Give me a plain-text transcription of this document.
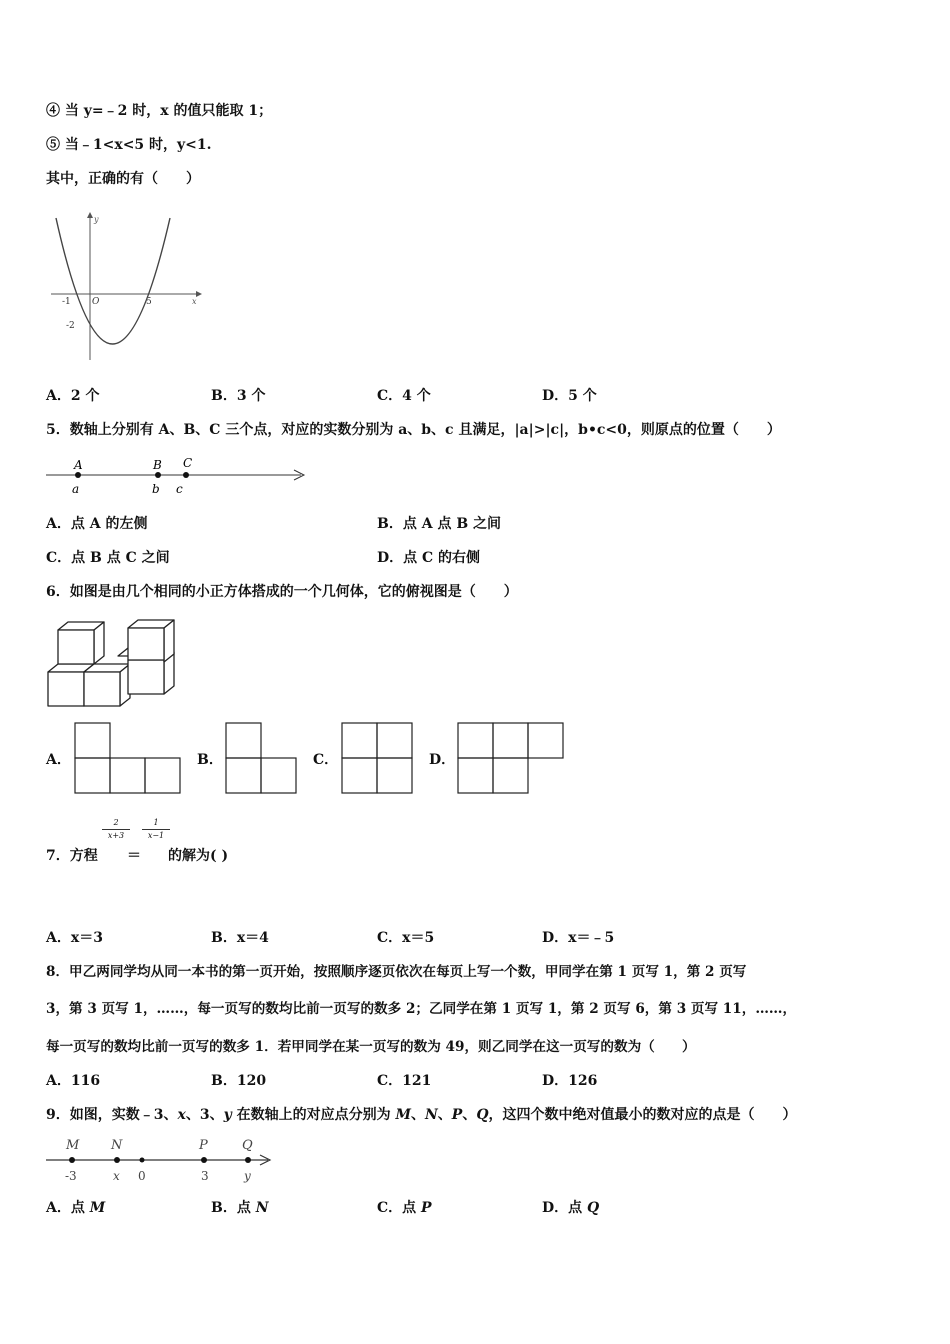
④ 当 y=﹣2 时，x 的值只能取 1；
⑤ 当﹣1<x<5 时，y<1.
其中，正确的有（　　）
y
x
O
-1	5
-2
A．2 个	B．3 个	C．4 个	D．5 个
5．数轴上分别有 A、B、C 三个点，对应的实数分别为 a、b、c 且满足，|a|>|c|，b•c<0，则原点的位置（　　）
A	B C
a	b c
A．点 A 的左侧	B．点 A 点 B 之间
C．点 B 点 C 之间	D．点 C 的右侧
6．如图是由几个相同的小正方体搭成的一个几何体，它的俯视图是（　　）
A．	B．	C．	D．
2
x+3
1
x−1
7．方程 ＝ 的解为( )
A．x＝3	B．x＝4	C．x＝5	D．x＝﹣5
8．甲乙两同学均从同一本书的第一页开始，按照顺序逐页依次在每页上写一个数，甲同学在第 1 页写 1，第 2 页写
3，第 3 页写 1，……，每一页写的数均比前一页写的数多 2；乙同学在第 1 页写 1，第 2 页写 6，第 3 页写 11，……，
每一页写的数均比前一页写的数多 1．若甲同学在某一页写的数为 49，则乙同学在这一页写的数为（　　）
A．116	B．120	C．121	D．126
9．如图，实数﹣3、x、3、y 在数轴上的对应点分别为 M、N、P、Q，这四个数中绝对值最小的数对应的点是（　　）
M N	P	Q
-3	x 0	3	y
A．点 M	B．点 N	C．点 P	D．点 Q
